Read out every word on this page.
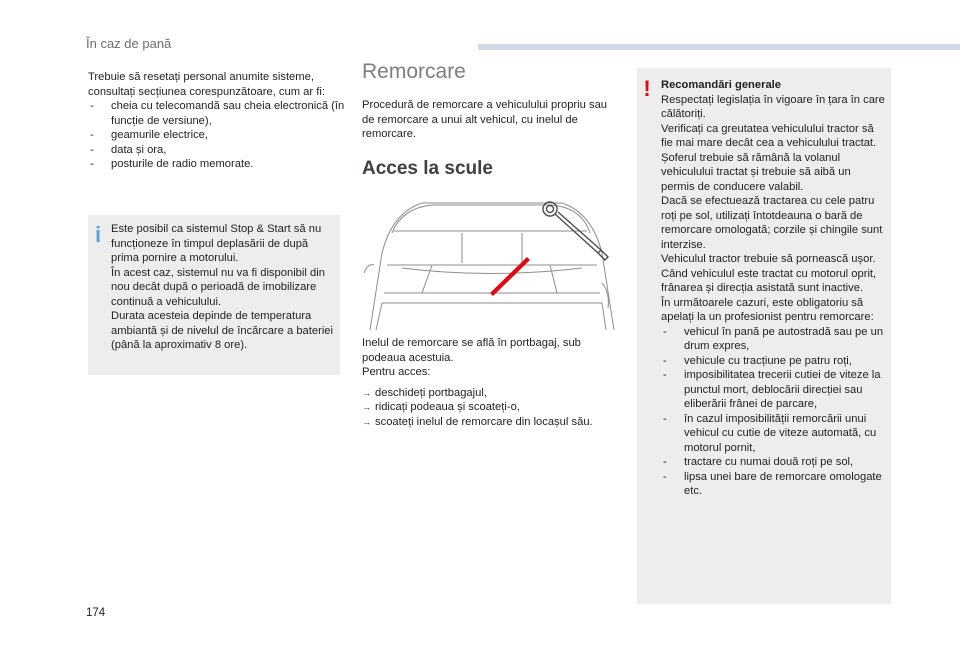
În caz de pană
Trebuie să resetați personal anumite sisteme, consultați secțiunea corespunzătoare, cum ar fi:
- cheia cu telecomandă sau cheia electronică (în funcție de versiune),
- geamurile electrice,
- data și ora,
- posturile de radio memorate.
i Este posibil ca sistemul Stop & Start să nu funcționeze în timpul deplasării de după prima pornire a motorului.
În acest caz, sistemul nu va fi disponibil din nou decât după o perioadă de imobilizare continuă a vehiculului.
Durata acesteia depinde de temperatura ambiantă și de nivelul de încărcare a bateriei (până la aproximativ 8 ore).
Remorcare
Procedură de remorcare a vehiculului propriu sau de remorcare a unui alt vehicul, cu inelul de remorcare.
Acces la scule
Inelul de remorcare se află în portbagaj, sub podeaua acestuia.
Pentru acces:
→ deschideți portbagajul,
→ ridicați podeaua și scoateți-o,
→ scoateți inelul de remorcare din locașul său.
! Recomandări generale
Respectați legislația în vigoare în țara în care călătoriți.
Verificați ca greutatea vehiculului tractor să fie mai mare decât cea a vehiculului tractat.
Șoferul trebuie să rămână la volanul vehiculului tractat și trebuie să aibă un permis de conducere valabil.
Dacă se efectuează tractarea cu cele patru roți pe sol, utilizați întotdeauna o bară de remorcare omologată; corzile și chingile sunt interzise.
Vehiculul tractor trebuie să pornească ușor.
Când vehiculul este tractat cu motorul oprit, frânarea și direcția asistată sunt inactive.
În următoarele cazuri, este obligatoriu să apelați la un profesionist pentru remorcare:
- vehicul în pană pe autostradă sau pe un drum expres,
- vehicule cu tracțiune pe patru roți,
- imposibilitatea trecerii cutiei de viteze la punctul mort, deblocării direcției sau eliberării frânei de parcare,
- în cazul imposibilității remorcării unui vehicul cu cutie de viteze automată, cu motorul pornit,
- tractare cu numai două roți pe sol,
- lipsa unei bare de remorcare omologate etc.
174
